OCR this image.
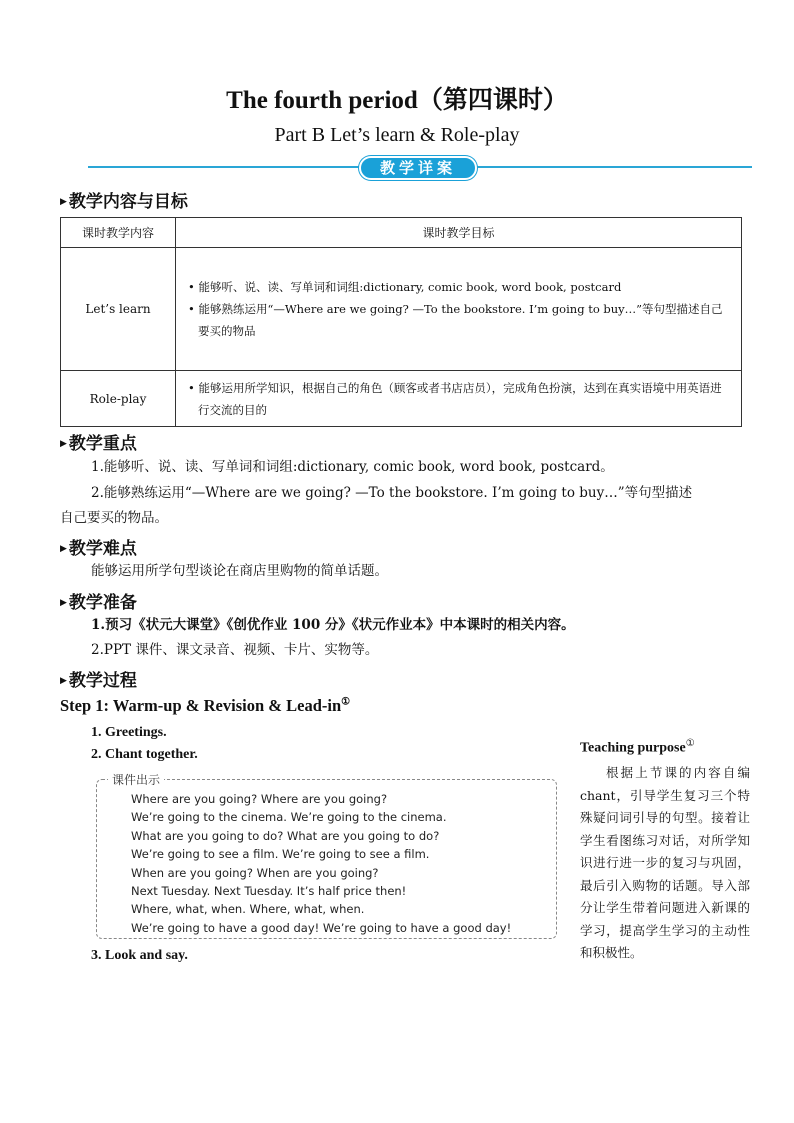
The fourth period（第四课时）
Part B Let’s learn & Role-play
教学详案
▶ 教学内容与目标
课时教学内容	课时教学目标
Let’s learn	• 能够听、说、读、写单词和词组:dictionary, comic book, word book, postcard
• 能够熟练运用“—Where are we going? —To the bookstore. I’m going to buy…”等句型描述自己要买的物品

Role-play	• 能够运用所学知识，根据自己的角色（顾客或者书店店员），完成角色扮演，达到在真实语境中用英语进行交流的目的
▶ 教学重点
1.能够听、说、读、写单词和词组:dictionary, comic book, word book, postcard。
2.能够熟练运用“—Where are we going? —To the bookstore. I’m going to buy…”等句型描述
自己要买的物品。
▶ 教学难点
能够运用所学句型谈论在商店里购物的简单话题。
▶ 教学准备
1.预习《状元大课堂》《创优作业 100 分》《状元作业本》中本课时的相关内容。
2.PPT 课件、课文录音、视频、卡片、实物等。
▶ 教学过程
Step 1: Warm-up & Revision & Lead-in①
1. Greetings.
2. Chant together.
课件出示
Where are you going? Where are you going?
We’re going to the cinema. We’re going to the cinema.
What are you going to do? What are you going to do?
We’re going to see a film. We’re going to see a film.
When are you going? When are you going?
Next Tuesday. Next Tuesday. It’s half price then!
Where, what, when. Where, what, when.
We’re going to have a good day! We’re going to have a good day!
3. Look and say.
Teaching purpose①
根据上节课的内容自编 chant，引导学生复习三个特殊疑问词引导的句型。接着让学生看图练习对话，对所学知识进行进一步的复习与巩固，最后引入购物的话题。导入部分让学生带着问题进入新课的学习，提高学生学习的主动性和积极性。
